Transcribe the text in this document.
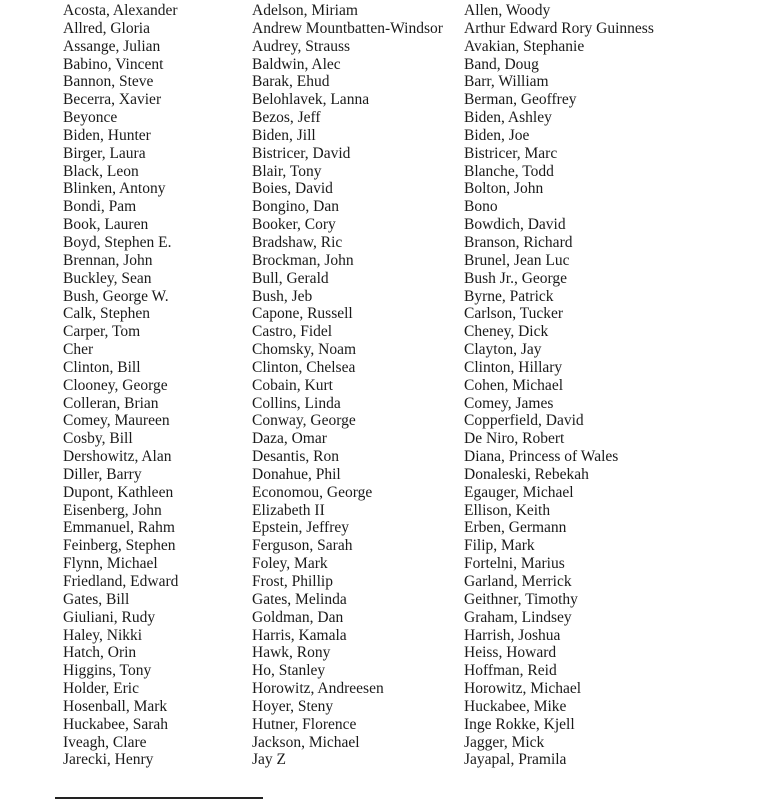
Acosta, Alexander
Allred, Gloria
Assange, Julian
Babino, Vincent
Bannon, Steve
Becerra, Xavier
Beyonce
Biden, Hunter
Birger, Laura
Black, Leon
Blinken, Antony
Bondi, Pam
Book, Lauren
Boyd, Stephen E.
Brennan, John
Buckley, Sean
Bush, George W.
Calk, Stephen
Carper, Tom
Cher
Clinton, Bill
Clooney, George
Colleran, Brian
Comey, Maureen
Cosby, Bill
Dershowitz, Alan
Diller, Barry
Dupont, Kathleen
Eisenberg, John
Emmanuel, Rahm
Feinberg, Stephen
Flynn, Michael
Friedland, Edward
Gates, Bill
Giuliani, Rudy
Haley, Nikki
Hatch, Orin
Higgins, Tony
Holder, Eric
Hosenball, Mark
Huckabee, Sarah
Iveagh, Clare
Jarecki, Henry
Adelson, Miriam
Andrew Mountbatten-Windsor
Audrey, Strauss
Baldwin, Alec
Barak, Ehud
Belohlavek, Lanna
Bezos, Jeff
Biden, Jill
Bistricer, David
Blair, Tony
Boies, David
Bongino, Dan
Booker, Cory
Bradshaw, Ric
Brockman, John
Bull, Gerald
Bush, Jeb
Capone, Russell
Castro, Fidel
Chomsky, Noam
Clinton, Chelsea
Cobain, Kurt
Collins, Linda
Conway, George
Daza, Omar
Desantis, Ron
Donahue, Phil
Economou, George
Elizabeth II
Epstein, Jeffrey
Ferguson, Sarah
Foley, Mark
Frost, Phillip
Gates, Melinda
Goldman, Dan
Harris, Kamala
Hawk, Rony
Ho, Stanley
Horowitz, Andreesen
Hoyer, Steny
Hutner, Florence
Jackson, Michael
Jay Z
Allen, Woody
Arthur Edward Rory Guinness
Avakian, Stephanie
Band, Doug
Barr, William
Berman, Geoffrey
Biden, Ashley
Biden, Joe
Bistricer, Marc
Blanche, Todd
Bolton, John
Bono
Bowdich, David
Branson, Richard
Brunel, Jean Luc
Bush Jr., George
Byrne, Patrick
Carlson, Tucker
Cheney, Dick
Clayton, Jay
Clinton, Hillary
Cohen, Michael
Comey, James
Copperfield, David
De Niro, Robert
Diana, Princess of Wales
Donaleski, Rebekah
Egauger, Michael
Ellison, Keith
Erben, Germann
Filip, Mark
Fortelni, Marius
Garland, Merrick
Geithner, Timothy
Graham, Lindsey
Harrish, Joshua
Heiss, Howard
Hoffman, Reid
Horowitz, Michael
Huckabee, Mike
Inge Rokke, Kjell
Jagger, Mick
Jayapal, Pramila
